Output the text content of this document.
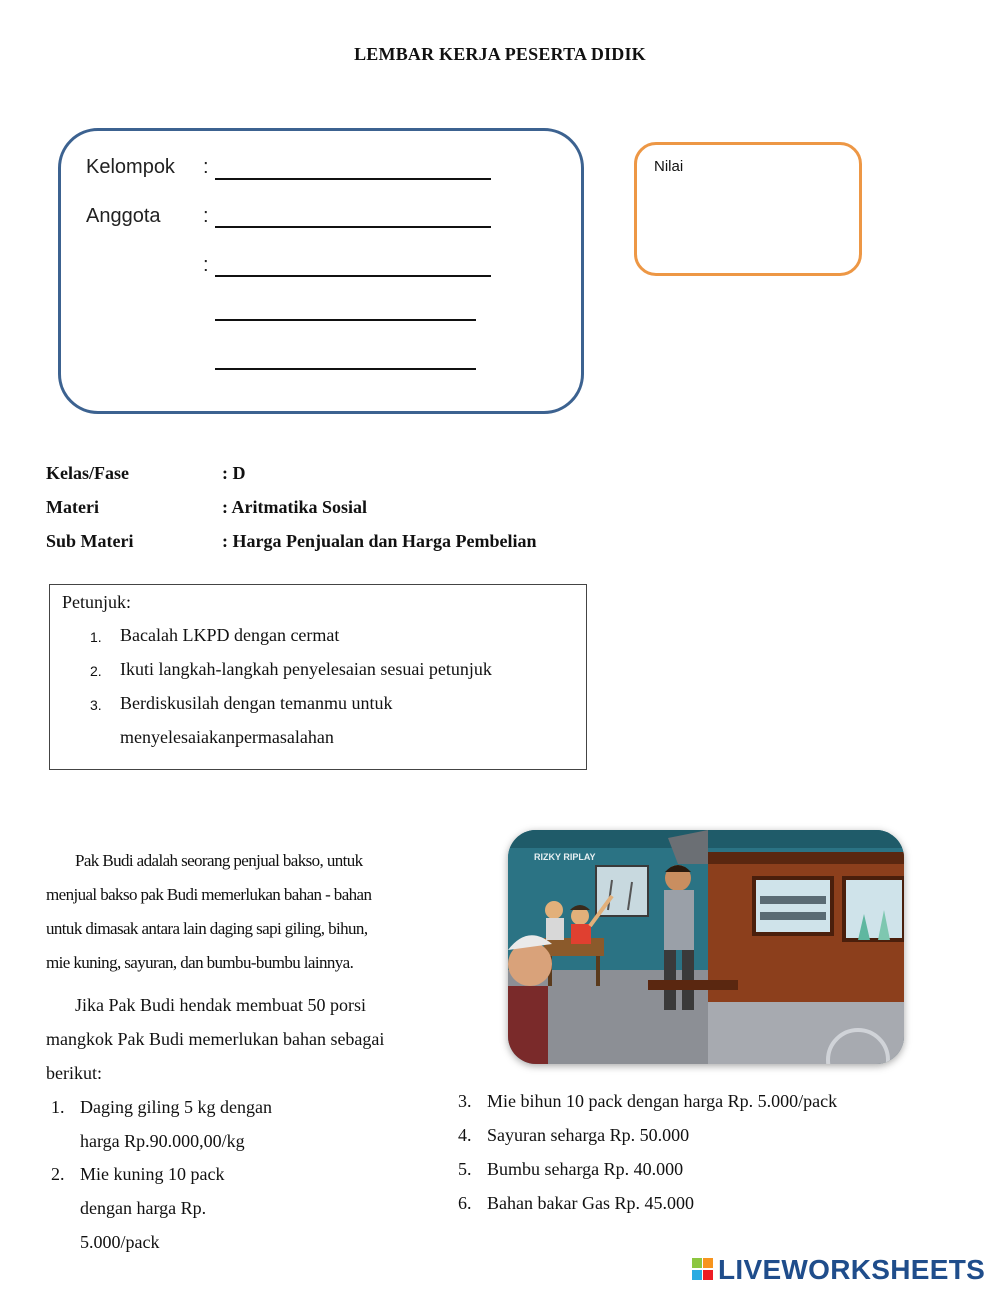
LEMBAR KERJA PESERTA DIDIK
Kelompok :
Anggota :
:
Nilai
Kelas/Fase	: D
Materi	: Aritmatika Sosial
Sub Materi	: Harga Penjualan dan Harga Pembelian
Petunjuk:
1. Bacalah LKPD dengan cermat
2. Ikuti langkah-langkah penyelesaian sesuai petunjuk
3. Berdiskusilah dengan temanmu untuk
menyelesaiakanpermasalahan
Pak Budi adalah seorang penjual bakso, untuk
menjual bakso pak Budi memerlukan bahan - bahan
untuk dimasak antara lain daging sapi giling, bihun,
mie kuning, sayuran, dan bumbu-bumbu lainnya.
Jika Pak Budi hendak membuat 50 porsi
mangkok Pak Budi memerlukan bahan sebagai
berikut:
1. Daging giling 5 kg dengan
harga Rp.90.000,00/kg
2. Mie kuning 10 pack
dengan harga Rp.
5.000/pack
3. Mie bihun 10 pack dengan harga Rp. 5.000/pack
4. Sayuran seharga Rp. 50.000
5. Bumbu seharga Rp. 40.000
6. Bahan bakar Gas Rp. 45.000
RIZKY RIPLAY
LIVEWORKSHEETS
